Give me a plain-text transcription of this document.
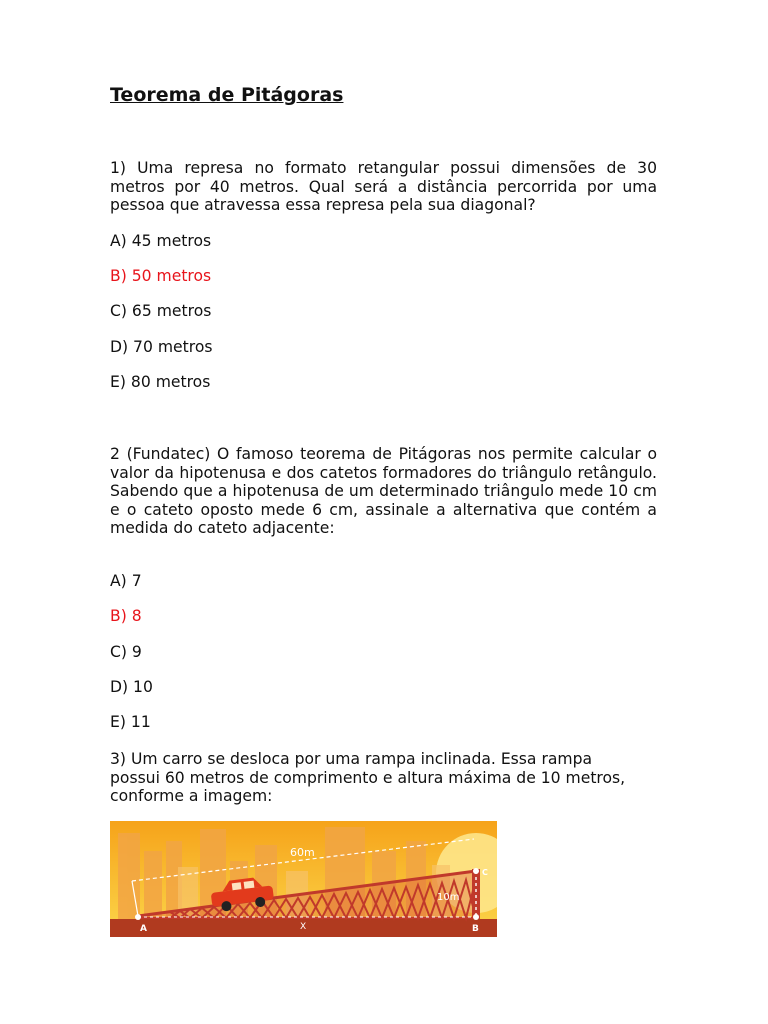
Teorema de Pitágoras

1) Uma represa no formato retangular possui dimensões de 30 metros por 40 metros. Qual será a distância percorrida por uma pessoa que atravessa essa represa pela sua diagonal?

A) 45 metros

B) 50 metros

C) 65 metros

D) 70 metros

E) 80 metros

2 (Fundatec) O famoso teorema de Pitágoras nos permite calcular o valor da hipotenusa e dos catetos formadores do triângulo retângulo. Sabendo que a hipotenusa de um determinado triângulo mede 10 cm e o cateto oposto mede 6 cm, assinale a alternativa que contém a medida do cateto adjacente:

A) 7

B) 8

C) 9

D) 10

E) 11

3) Um carro se desloca por uma rampa inclinada. Essa rampa possui 60 metros de comprimento e altura máxima de 10 metros, conforme a imagem:

60m
10m
A	B
C
X
